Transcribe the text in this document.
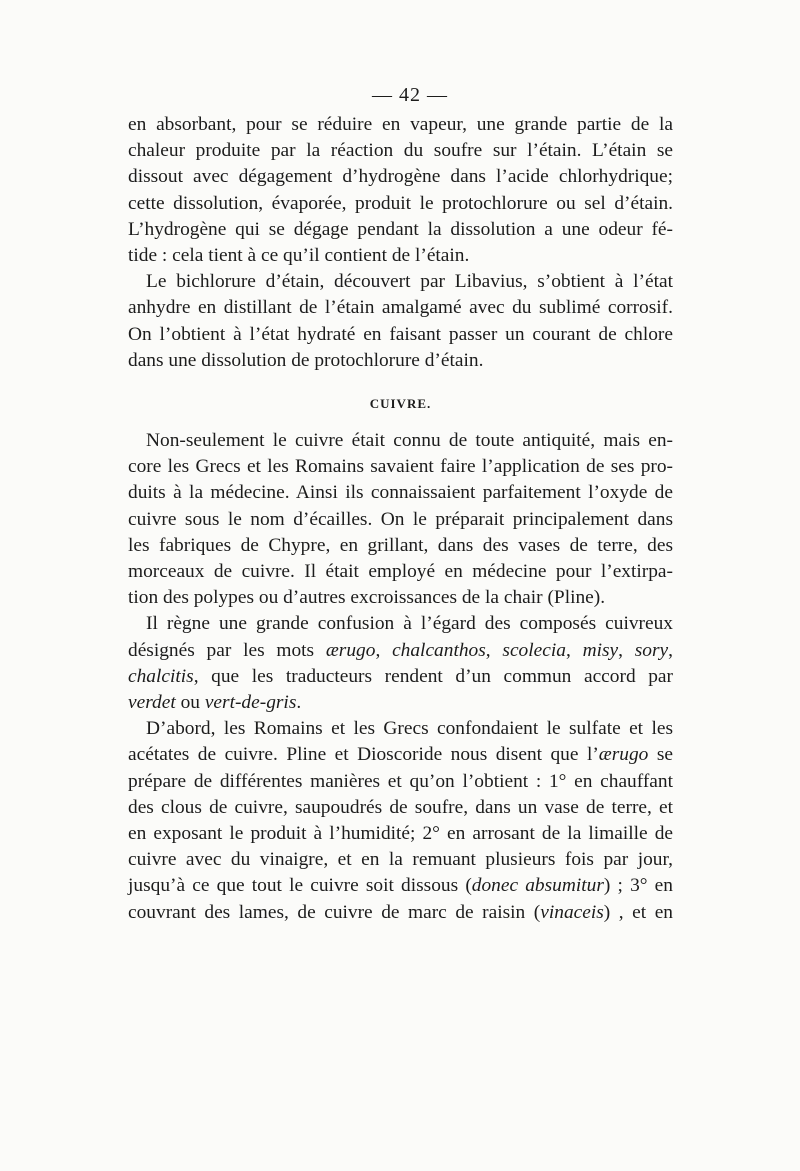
— 42 —

en absorbant, pour se réduire en vapeur, une grande partie de la
chaleur produite par la réaction du soufre sur l’étain. L’étain se
dissout avec dégagement d’hydrogène dans l’acide chlorhydrique;
cette dissolution, évaporée, produit le protochlorure ou sel d’étain.
L’hydrogène qui se dégage pendant la dissolution a une odeur fé-
tide : cela tient à ce qu’il contient de l’étain.

Le bichlorure d’étain, découvert par Libavius, s’obtient à l’état
anhydre en distillant de l’étain amalgamé avec du sublimé corrosif.
On l’obtient à l’état hydraté en faisant passer un courant de chlore
dans une dissolution de protochlorure d’étain.

CUIVRE.

Non-seulement le cuivre était connu de toute antiquité, mais en-
core les Grecs et les Romains savaient faire l’application de ses pro-
duits à la médecine. Ainsi ils connaissaient parfaitement l’oxyde de
cuivre sous le nom d’écailles. On le préparait principalement dans
les fabriques de Chypre, en grillant, dans des vases de terre, des
morceaux de cuivre. Il était employé en médecine pour l’extirpa-
tion des polypes ou d’autres excroissances de la chair (Pline).

Il règne une grande confusion à l’égard des composés cuivreux
désignés par les mots ærugo, chalcanthos, scolecia, misy, sory,
chalcitis, que les traducteurs rendent d’un commun accord par
verdet ou vert-de-gris.

D’abord, les Romains et les Grecs confondaient le sulfate et les
acétates de cuivre. Pline et Dioscoride nous disent que l’ærugo se
prépare de différentes manières et qu’on l’obtient : 1° en chauffant
des clous de cuivre, saupoudrés de soufre, dans un vase de terre, et
en exposant le produit à l’humidité; 2° en arrosant de la limaille de
cuivre avec du vinaigre, et en la remuant plusieurs fois par jour,
jusqu’à ce que tout le cuivre soit dissous (donec absumitur) ; 3° en
couvrant des lames, de cuivre de marc de raisin (vinaceis) , et en
